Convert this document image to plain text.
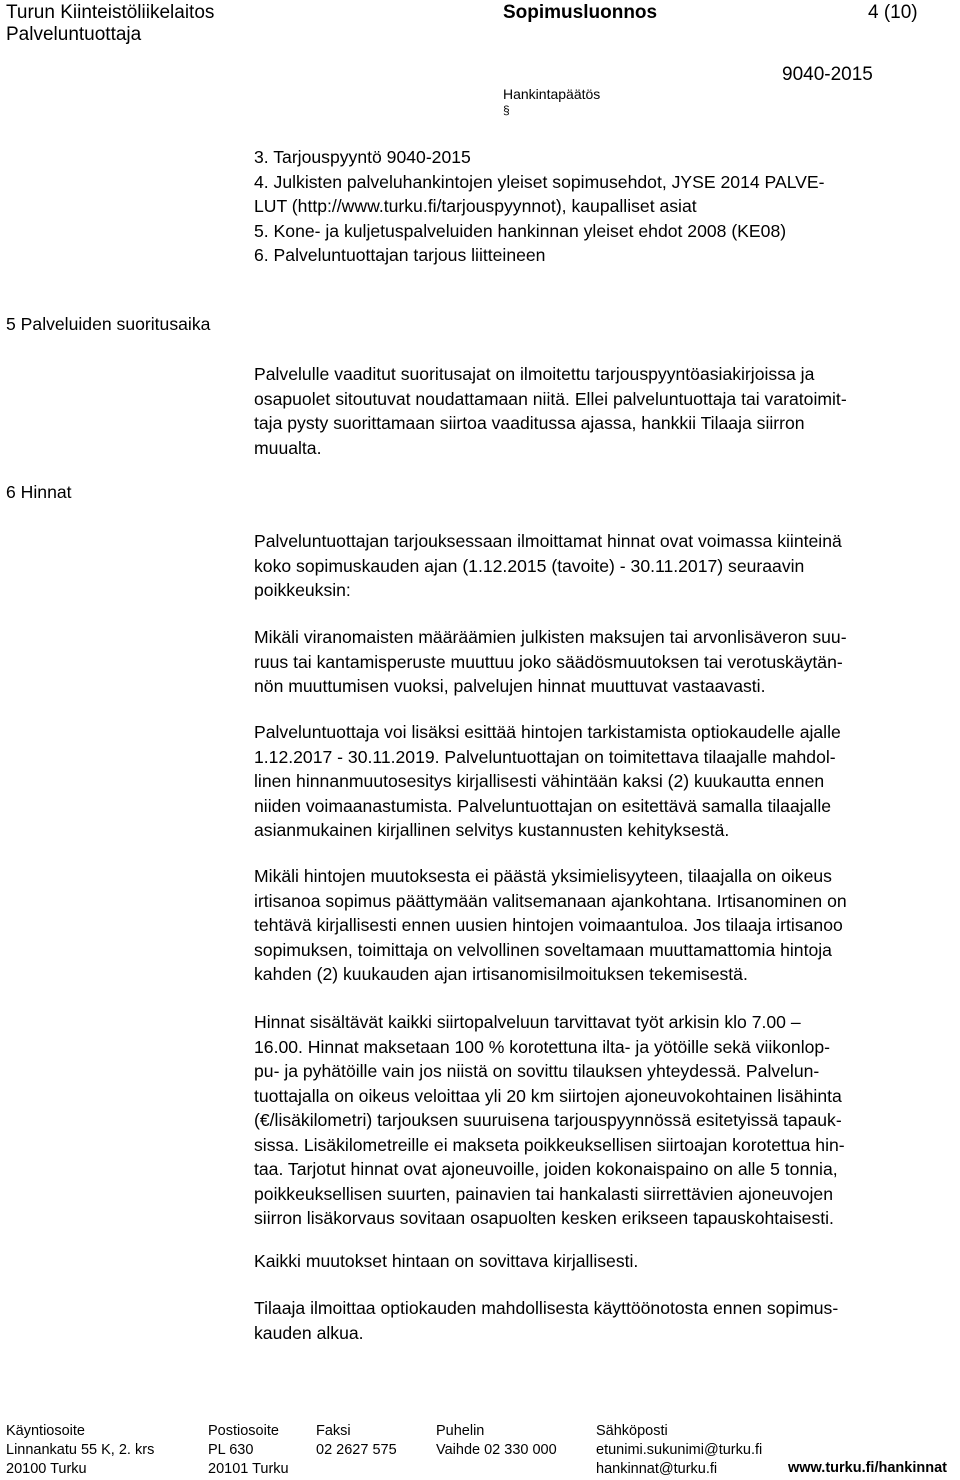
Turun Kiinteistöliikelaitos
Palveluntuottaja
Sopimusluonnos	4 (10)
9040-2015
Hankintapäätös
§
3. Tarjouspyyntö 9040-2015
4. Julkisten palveluhankintojen yleiset sopimusehdot, JYSE 2014 PALVE-
LUT (http://www.turku.fi/tarjouspyynnot), kaupalliset asiat
5. Kone- ja kuljetuspalveluiden hankinnan yleiset ehdot 2008 (KE08)
6. Palveluntuottajan tarjous liitteineen
5 Palveluiden suoritusaika
6 Hinnat
Palvelulle vaaditut suoritusajat on ilmoitettu tarjouspyyntöasiakirjoissa ja
osapuolet sitoutuvat noudattamaan niitä. Ellei palveluntuottaja tai varatoimit-
taja pysty suorittamaan siirtoa vaaditussa ajassa, hankkii Tilaaja siirron
muualta.
Palveluntuottajan tarjouksessaan ilmoittamat hinnat ovat voimassa kiinteinä
koko sopimuskauden ajan (1.12.2015 (tavoite) - 30.11.2017) seuraavin
poikkeuksin:
Mikäli viranomaisten määräämien julkisten maksujen tai arvonlisäveron suu-
ruus tai kantamisperuste muuttuu joko säädösmuutoksen tai verotuskäytän-
nön muuttumisen vuoksi, palvelujen hinnat muuttuvat vastaavasti.
Palveluntuottaja voi lisäksi esittää hintojen tarkistamista optiokaudelle ajalle
1.12.2017 - 30.11.2019. Palveluntuottajan on toimitettava tilaajalle mahdol-
linen hinnanmuutosesitys kirjallisesti vähintään kaksi (2) kuukautta ennen
niiden voimaanastumista. Palveluntuottajan on esitettävä samalla tilaajalle
asianmukainen kirjallinen selvitys kustannusten kehityksestä.
Mikäli hintojen muutoksesta ei päästä yksimielisyyteen, tilaajalla on oikeus
irtisanoa sopimus päättymään valitsemanaan ajankohtana. Irtisanominen on
tehtävä kirjallisesti ennen uusien hintojen voimaantuloa. Jos tilaaja irtisanoo
sopimuksen, toimittaja on velvollinen soveltamaan muuttamattomia hintoja
kahden (2) kuukauden ajan irtisanomisilmoituksen tekemisestä.
Hinnat sisältävät kaikki siirtopalveluun tarvittavat työt arkisin klo 7.00 –
16.00. Hinnat maksetaan 100 % korotettuna ilta- ja yötöille sekä viikonlop-
pu- ja pyhätöille vain jos niistä on sovittu tilauksen yhteydessä. Palvelun-
tuottajalla on oikeus veloittaa yli 20 km siirtojen ajoneuvokohtainen lisähinta
(€/lisäkilometri) tarjouksen suuruisena tarjouspyynnössä esitetyissä tapauk-
sissa. Lisäkilometreille ei makseta poikkeuksellisen siirtoajan korotettua hin-
taa. Tarjotut hinnat ovat ajoneuvoille, joiden kokonaispaino on alle 5 tonnia,
poikkeuksellisen suurten, painavien tai hankalasti siirrettävien ajoneuvojen
siirron lisäkorvaus sovitaan osapuolten kesken erikseen tapauskohtaisesti.
Kaikki muutokset hintaan on sovittava kirjallisesti.
Tilaaja ilmoittaa optiokauden mahdollisesta käyttöönotosta ennen sopimus-
kauden alkua.
Käyntiosoite
Linnankatu 55 K, 2. krs
20100 Turku
Postiosoite
PL 630
20101 Turku
Faksi
02 2627 575
Puhelin
Vaihde 02 330 000
Sähköposti
etunimi.sukunimi@turku.fi
hankinnat@turku.fi	www.turku.fi/hankinnat
